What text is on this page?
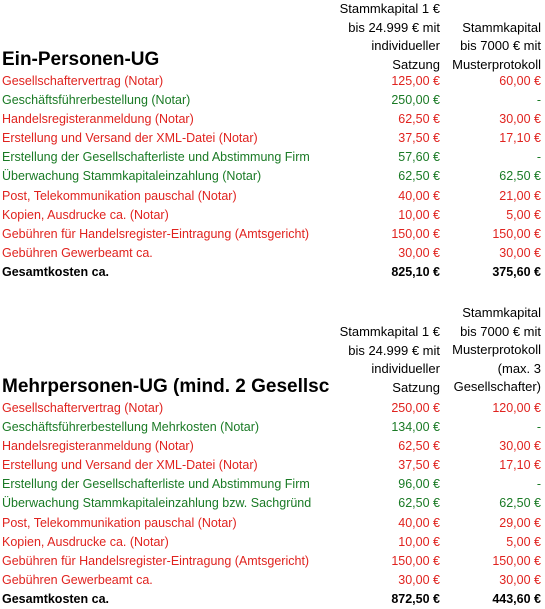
Stammkapital 1 €
bis 24.999 € mit
individueller
Satzung
Stammkapital
bis 7000 € mit
Musterprotokoll
Ein-Personen-UG
Gesellschaftervertrag (Notar)	125,00 €	60,00 €
Geschäftsführerbestellung (Notar)	250,00 €	-
Handelsregisteranmeldung (Notar)	62,50 €	30,00 €
Erstellung und Versand der XML-Datei (Notar)	37,50 €	17,10 €
Erstellung der Gesellschafterliste und Abstimmung Firm	57,60 €	-
Überwachung Stammkapitaleinzahlung (Notar)	62,50 €	62,50 €
Post, Telekommunikation pauschal (Notar)	40,00 €	21,00 €
Kopien, Ausdrucke ca. (Notar)	10,00 €	5,00 €
Gebühren für Handelsregister-Eintragung (Amtsgericht)	150,00 €	150,00 €
Gebühren Gewerbeamt ca.	30,00 €	30,00 €
Gesamtkosten ca.	825,10 €	375,60 €
Stammkapital 1 €
bis 24.999 € mit
individueller
Satzung
Stammkapital
bis 7000 € mit
Musterprotokoll
(max. 3
Gesellschafter)
Mehrpersonen-UG (mind. 2 Gesellsc
Gesellschaftervertrag (Notar)	250,00 €	120,00 €
Geschäftsführerbestellung Mehrkosten (Notar)	134,00 €	-
Handelsregisteranmeldung (Notar)	62,50 €	30,00 €
Erstellung und Versand der XML-Datei (Notar)	37,50 €	17,10 €
Erstellung der Gesellschafterliste und Abstimmung Firm	96,00 €	-
Überwachung Stammkapitaleinzahlung bzw. Sachgründ	62,50 €	62,50 €
Post, Telekommunikation pauschal (Notar)	40,00 €	29,00 €
Kopien, Ausdrucke ca. (Notar)	10,00 €	5,00 €
Gebühren für Handelsregister-Eintragung (Amtsgericht)	150,00 €	150,00 €
Gebühren Gewerbeamt ca.	30,00 €	30,00 €
Gesamtkosten ca.	872,50 €	443,60 €
